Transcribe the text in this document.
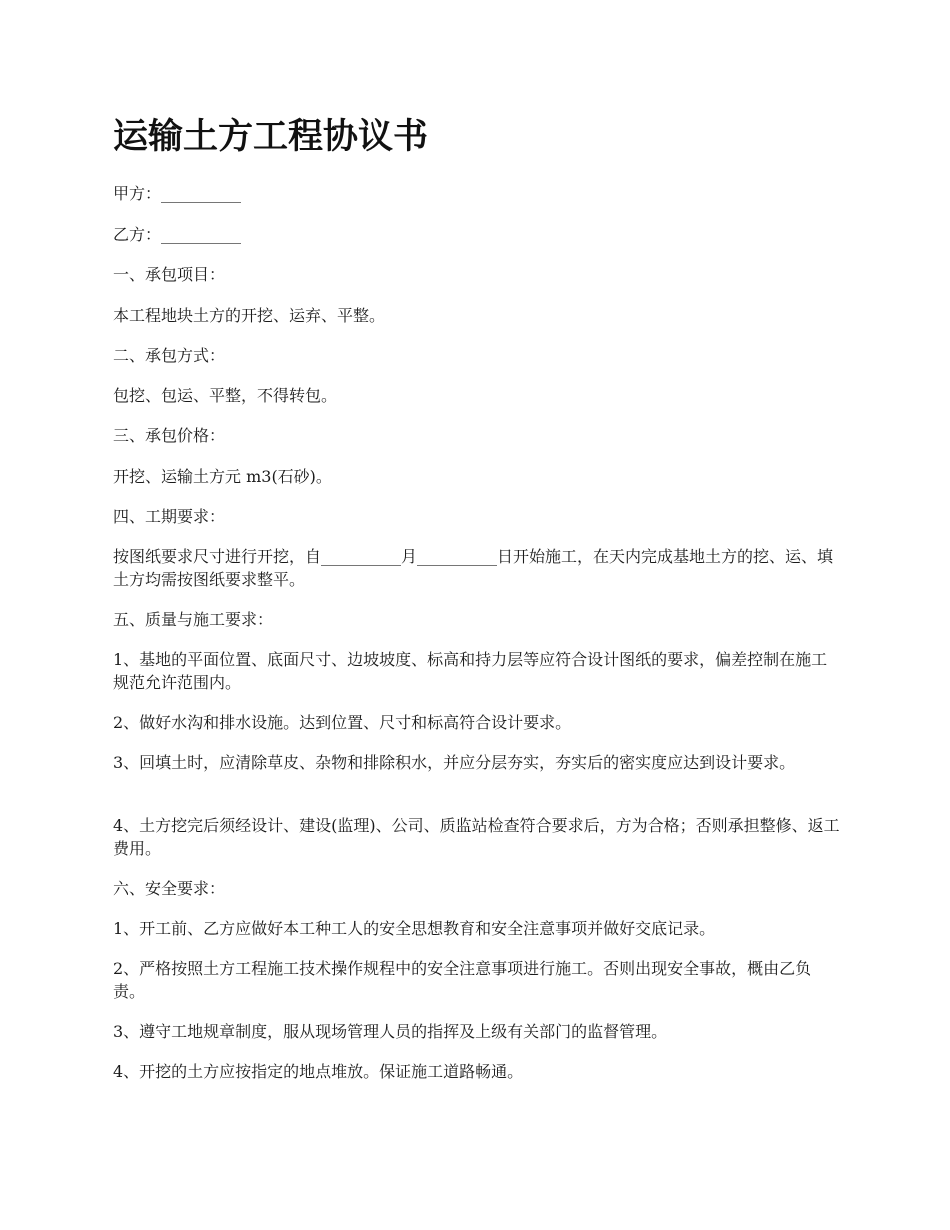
运输土方工程协议书

甲方：__________

乙方：__________

一、承包项目：

本工程地块土方的开挖、运弃、平整。

二、承包方式：

包挖、包运、平整，不得转包。

三、承包价格：

开挖、运输土方元 m3(石砂)。

四、工期要求：

按图纸要求尺寸进行开挖，自__________月__________日开始施工，在天内完成基地土方的挖、运、填土方均需按图纸要求整平。

五、质量与施工要求：

1、基地的平面位置、底面尺寸、边坡坡度、标高和持力层等应符合设计图纸的要求，偏差控制在施工规范允许范围内。

2、做好水沟和排水设施。达到位置、尺寸和标高符合设计要求。

3、回填土时，应清除草皮、杂物和排除积水，并应分层夯实，夯实后的密实度应达到设计要求。

4、土方挖完后须经设计、建设(监理)、公司、质监站检查符合要求后，方为合格；否则承担整修、返工费用。

六、安全要求：

1、开工前、乙方应做好本工种工人的安全思想教育和安全注意事项并做好交底记录。

2、严格按照土方工程施工技术操作规程中的安全注意事项进行施工。否则出现安全事故，概由乙负责。

3、遵守工地规章制度，服从现场管理人员的指挥及上级有关部门的监督管理。

4、开挖的土方应按指定的地点堆放。保证施工道路畅通。
